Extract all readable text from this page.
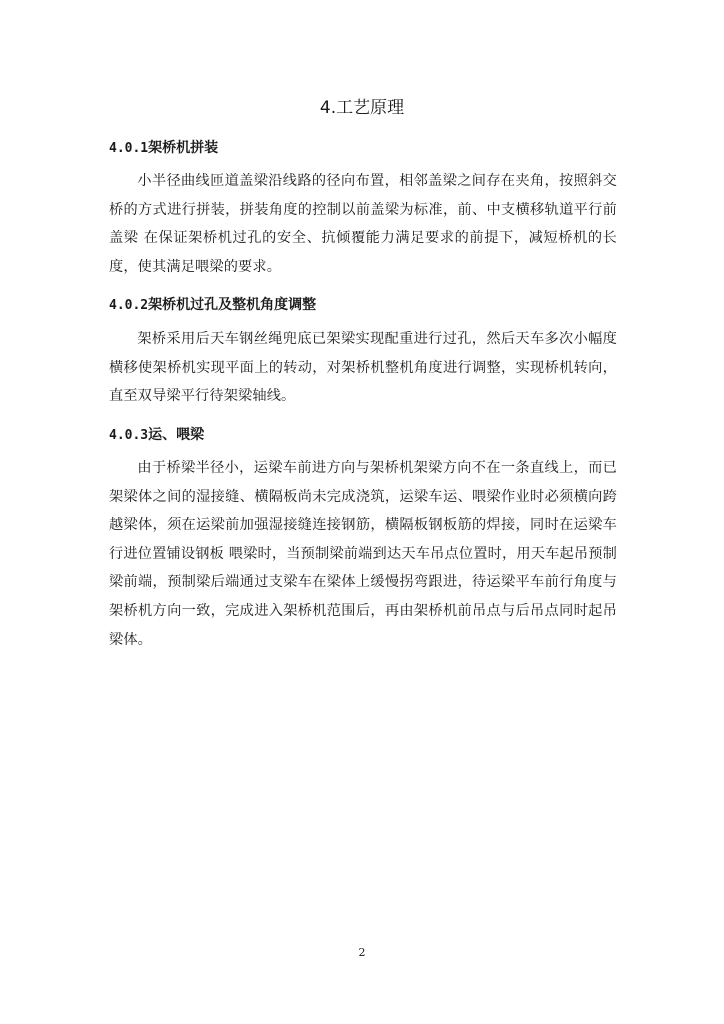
4.工艺原理
4.0.1架桥机拼装

小半径曲线匝道盖梁沿线路的径向布置，相邻盖梁之间存在夹角，按照斜交桥的方式进行拼装，拼装角度的控制以前盖梁为标准，前、中支横移轨道平行前盖梁 在保证架桥机过孔的安全、抗倾覆能力满足要求的前提下，减短桥机的长度，使其满足喂梁的要求。

4.0.2架桥机过孔及整机角度调整

架桥采用后天车钢丝绳兜底已架梁实现配重进行过孔，然后天车多次小幅度横移使架桥机实现平面上的转动，对架桥机整机角度进行调整，实现桥机转向，直至双导梁平行待架梁轴线。

4.0.3运、喂梁

由于桥梁半径小，运梁车前进方向与架桥机架梁方向不在一条直线上，而已架梁体之间的湿接缝、横隔板尚未完成浇筑，运梁车运、喂梁作业时必须横向跨越梁体，须在运梁前加强湿接缝连接钢筋，横隔板钢板筋的焊接，同时在运梁车行进位置铺设钢板 喂梁时，当预制梁前端到达天车吊点位置时，用天车起吊预制梁前端，预制梁后端通过支梁车在梁体上缓慢拐弯跟进，待运梁平车前行角度与架桥机方向一致，完成进入架桥机范围后，再由架桥机前吊点与后吊点同时起吊梁体。

2
